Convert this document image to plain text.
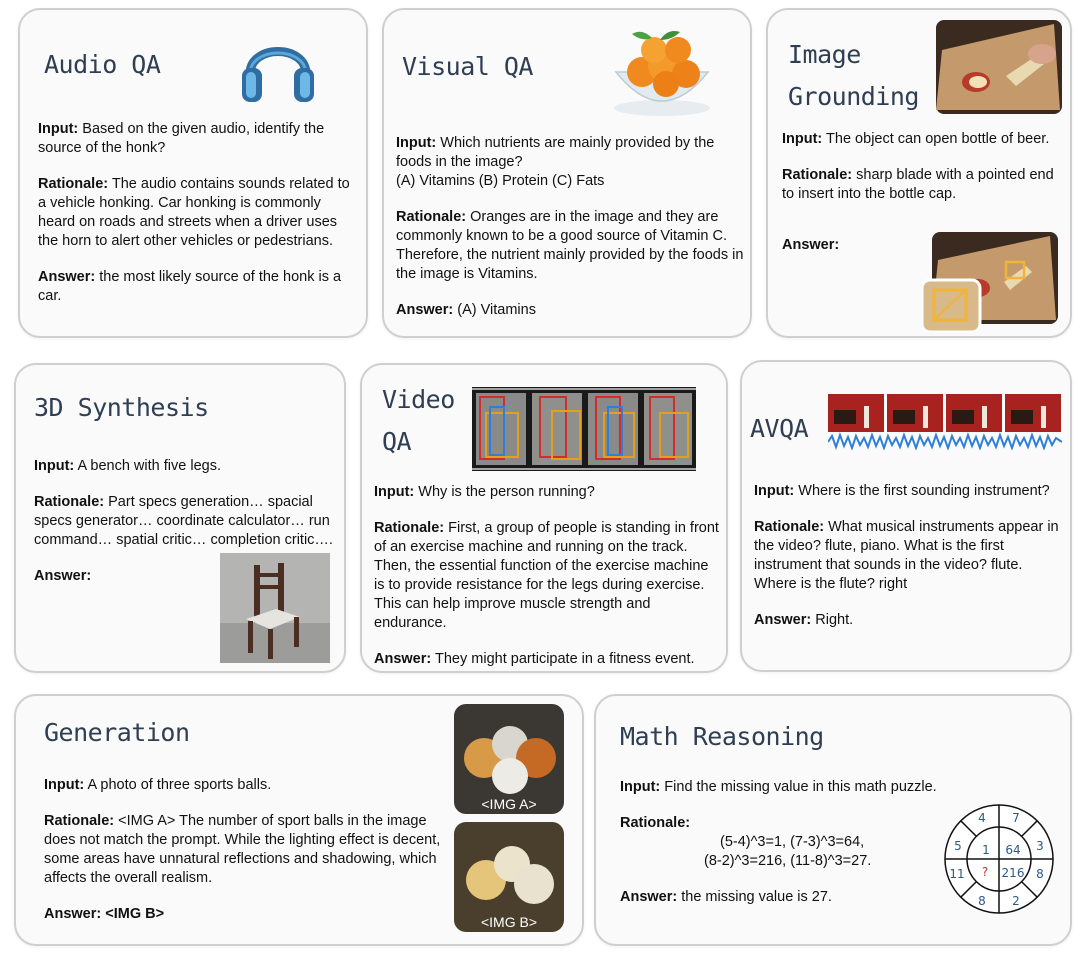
Audio QA

Input: Based on the given audio, identify the source of the honk?

Rationale: The audio contains sounds related to a vehicle honking. Car honking is commonly heard on roads and streets when a driver uses the horn to alert other vehicles or pedestrians.

Answer: the most likely source of the honk is a car.

Visual QA

Input: Which nutrients are mainly provided by the foods in the image?

(A) Vitamins (B) Protein (C) Fats

Rationale: Oranges are in the image and they are commonly known to be a good source of Vitamin C. Therefore, the nutrient mainly provided by the foods in the image is Vitamins.

Answer: (A) Vitamins

Image
Grounding

Input: The object can open bottle of beer.

Rationale: sharp blade with a pointed end to insert into the bottle cap.

Answer:

3D Synthesis

Input: A bench with five legs.

Rationale: Part specs generation… spacial specs generator… coordinate calculator… run command… spatial critic… completion critic….

Answer:

Video
QA

Input: Why is the person running?

Rationale: First, a group of people is standing in front of an exercise machine and running on the track. Then, the essential function of the exercise machine is to provide resistance for the legs during exercise. This can help improve muscle strength and endurance.

Answer: They might participate in a fitness event.

AVQA

Input: Where is the first sounding instrument?

Rationale: What musical instruments appear in the video? flute, piano. What is the first instrument that sounds in the video? flute. Where is the flute? right

Answer: Right.

Generation

Input: A photo of three sports balls.

Rationale: <IMG A> The number of sport balls in the image does not match the prompt. While the lighting effect is decent, some areas have unnatural reflections and shadowing, which affects the overall realism.

Answer: <IMG B>

<IMG A>
<IMG B>
Math Reasoning

Input: Find the missing value in this math puzzle.

Rationale:

(5-4)^3=1, (7-3)^3=64,

(8-2)^3=216, (11-8)^3=27.

Answer: the missing value is 27.

4 7
3
8
2
8
11
5 1 64
216
?
